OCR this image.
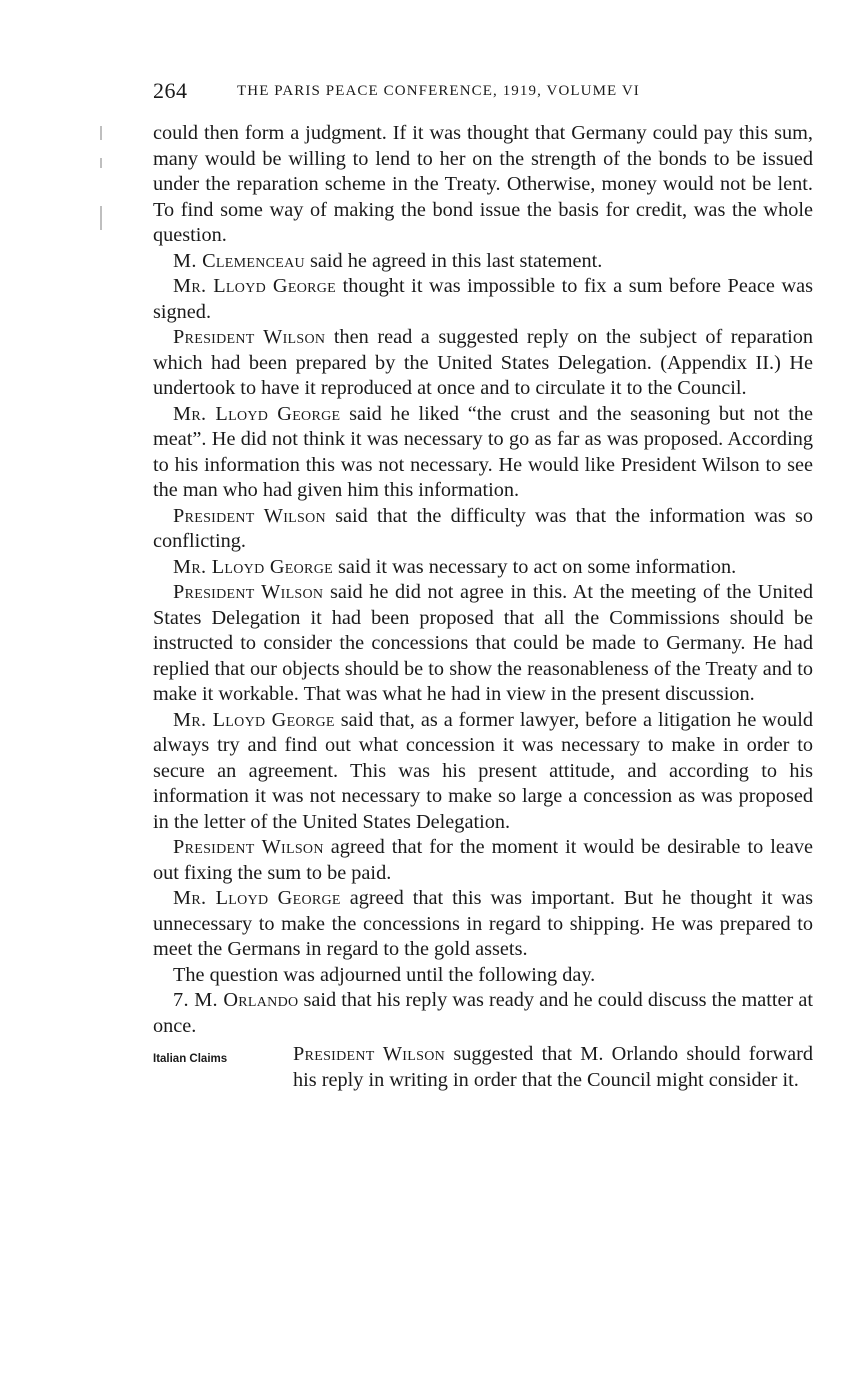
264	THE PARIS PEACE CONFERENCE, 1919, VOLUME VI

could then form a judgment. If it was thought that Germany could pay this sum, many would be willing to lend to her on the strength of the bonds to be issued under the reparation scheme in the Treaty. Otherwise, money would not be lent. To find some way of making the bond issue the basis for credit, was the whole question.

M. Clemenceau said he agreed in this last statement.

Mr. Lloyd George thought it was impossible to fix a sum before Peace was signed.

President Wilson then read a suggested reply on the subject of reparation which had been prepared by the United States Delegation. (Appendix II.) He undertook to have it reproduced at once and to circulate it to the Council.

Mr. Lloyd George said he liked “the crust and the seasoning but not the meat”. He did not think it was necessary to go as far as was proposed. According to his information this was not necessary. He would like President Wilson to see the man who had given him this information.

President Wilson said that the difficulty was that the information was so conflicting.

Mr. Lloyd George said it was necessary to act on some information.

President Wilson said he did not agree in this. At the meeting of the United States Delegation it had been proposed that all the Commissions should be instructed to consider the concessions that could be made to Germany. He had replied that our objects should be to show the reasonableness of the Treaty and to make it workable. That was what he had in view in the present discussion.

Mr. Lloyd George said that, as a former lawyer, before a litigation he would always try and find out what concession it was necessary to make in order to secure an agreement. This was his present attitude, and according to his information it was not necessary to make so large a concession as was proposed in the letter of the United States Delegation.

President Wilson agreed that for the moment it would be desirable to leave out fixing the sum to be paid.

Mr. Lloyd George agreed that this was important. But he thought it was unnecessary to make the concessions in regard to shipping. He was prepared to meet the Germans in regard to the gold assets.

The question was adjourned until the following day.

7. M. Orlando said that his reply was ready and he could discuss the matter at once.

Italian Claims	President Wilson suggested that M. Orlando should forward his reply in writing in order that the Council might consider it.
